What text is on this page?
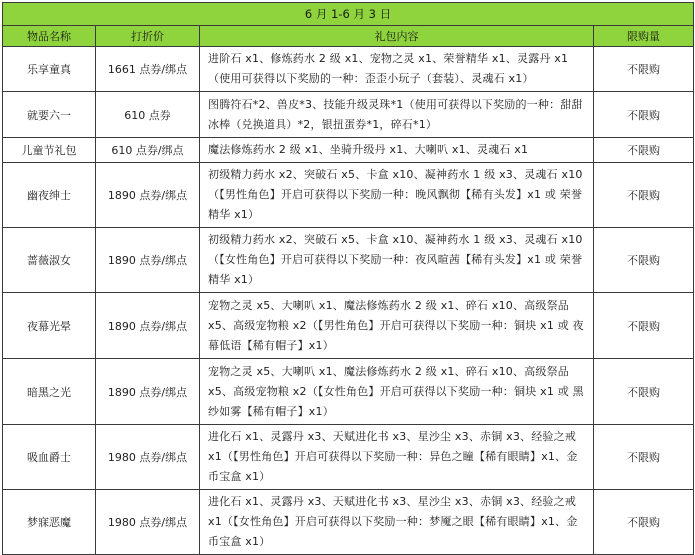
6 月 1-6 月 3 日			
物品名称	打折价	礼包内容	限购量
乐享童真	1661 点券/绑点	进阶石 x1、修炼药水 2 级 x1、宠物之灵 x1、荣誉精华 x1、灵露丹 x1（使用可获得以下奖励的一种：歪歪小玩子（套装）、灵魂石 x1）	不限购
就要六一	610 点券	图腾符石*2、兽皮*3、技能升级灵珠*1（使用可获得以下奖励的一种：甜甜冰棒（兑换道具）*2，银扭蛋券*1，碎石*1）	不限购
儿童节礼包	610 点券/绑点	魔法修炼药水 2 级 x1、坐骑升级丹 x1、大喇叭 x1、灵魂石 x1	不限购
幽夜绅士	1890 点券/绑点	初级精力药水 x2、突破石 x5、卡盒 x10、凝神药水 1 级 x3、灵魂石 x10（【男性角色】开启可获得以下奖励一种：晚风飘彻【稀有头发】x1 或 荣誉精华 x1）	不限购
蔷薇淑女	1890 点券/绑点	初级精力药水 x2、突破石 x5、卡盒 x10、凝神药水 1 级 x3、灵魂石 x10（【女性角色】开启可获得以下奖励一种：夜风暄茜【稀有头发】x1 或 荣誉精华 x1）	不限购
夜幕光晕	1890 点券/绑点	宠物之灵 x5、大喇叭 x1、魔法修炼药水 2 级 x1、碎石 x10、高级祭品 x5、高级宠物粮 x2（【男性角色】开启可获得以下奖励一种：铜块 x1 或 夜幕低语【稀有帽子】x1）	不限购
暗黑之光	1890 点券/绑点	宠物之灵 x5、大喇叭 x1、魔法修炼药水 2 级 x1、碎石 x10、高级祭品 x5、高级宠物粮 x2（【女性角色】开启可获得以下奖励一种：铜块 x1 或 黑纱如雾【稀有帽子】x1）	不限购
吸血爵士	1980 点券/绑点	进化石 x1、灵露丹 x3、天赋进化书 x3、星沙尘 x3、赤铜 x3、经验之戒 x1（【男性角色】开启可获得以下奖励一种：异色之瞳【稀有眼睛】x1、金币宝盒 x1）	不限购
梦寐恶魔	1980 点券/绑点	进化石 x1、灵露丹 x3、天赋进化书 x3、星沙尘 x3、赤铜 x3、经验之戒 x1（【女性角色】开启可获得以下奖励一种：梦魇之眼【稀有眼睛】x1、金币宝盒 x1）	不限购
